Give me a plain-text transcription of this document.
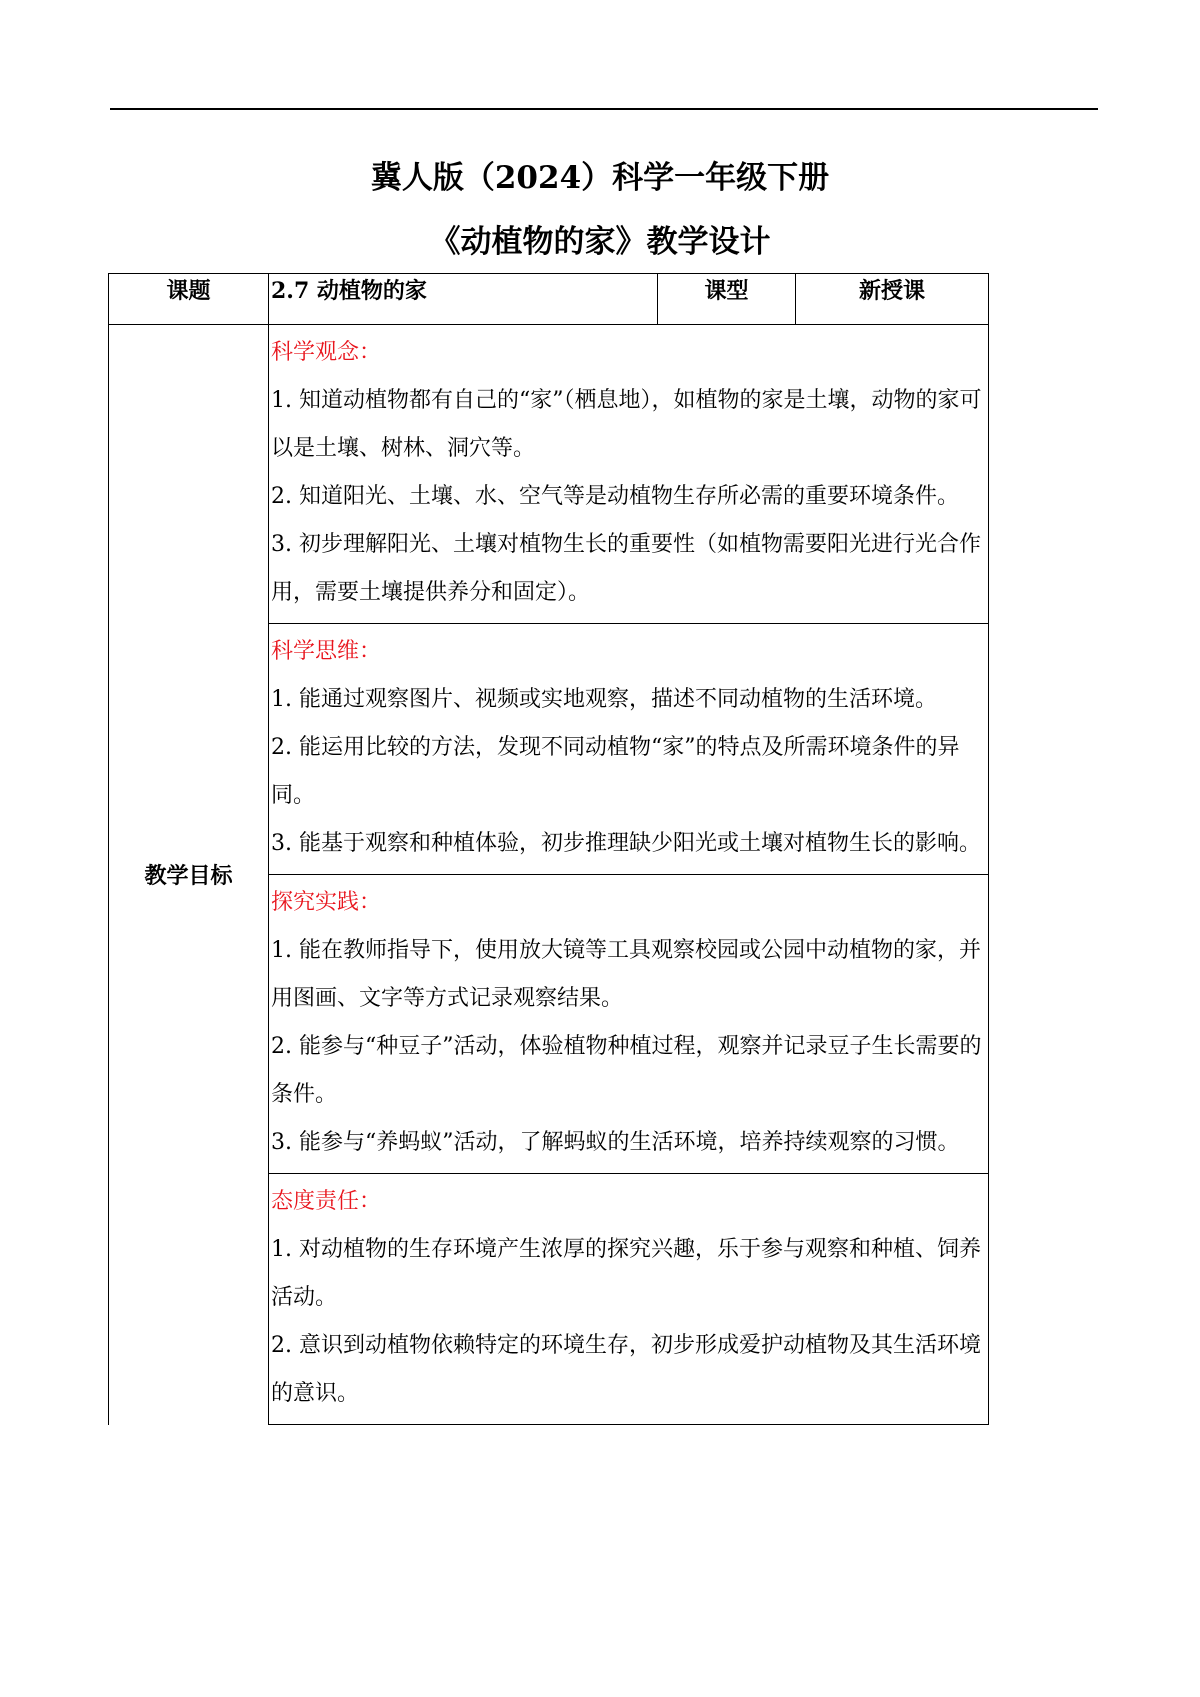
冀人版（2024）科学一年级下册
《动植物的家》教学设计
课题	2.7 动植物的家	课型	新授课
教学目标	科学观念：

1. 知道动植物都有自己的“家”（栖息地），如植物的家是土壤，动物的家可以是土壤、树林、洞穴等。

2. 知道阳光、土壤、水、空气等是动植物生存所必需的重要环境条件。

3. 初步理解阳光、土壤对植物生长的重要性（如植物需要阳光进行光合作用，需要土壤提供养分和固定）。		

	科学思维：

1. 能通过观察图片、视频或实地观察，描述不同动植物的生活环境。

2. 能运用比较的方法，发现不同动植物“家”的特点及所需环境条件的异同。

3. 能基于观察和种植体验，初步推理缺少阳光或土壤对植物生长的影响。		

	探究实践：

1. 能在教师指导下，使用放大镜等工具观察校园或公园中动植物的家，并用图画、文字等方式记录观察结果。

2. 能参与“种豆子”活动，体验植物种植过程，观察并记录豆子生长需要的条件。

3. 能参与“养蚂蚁”活动，了解蚂蚁的生活环境，培养持续观察的习惯。		

	态度责任：

1. 对动植物的生存环境产生浓厚的探究兴趣，乐于参与观察和种植、饲养活动。

2. 意识到动植物依赖特定的环境生存，初步形成爱护动植物及其生活环境的意识。		
